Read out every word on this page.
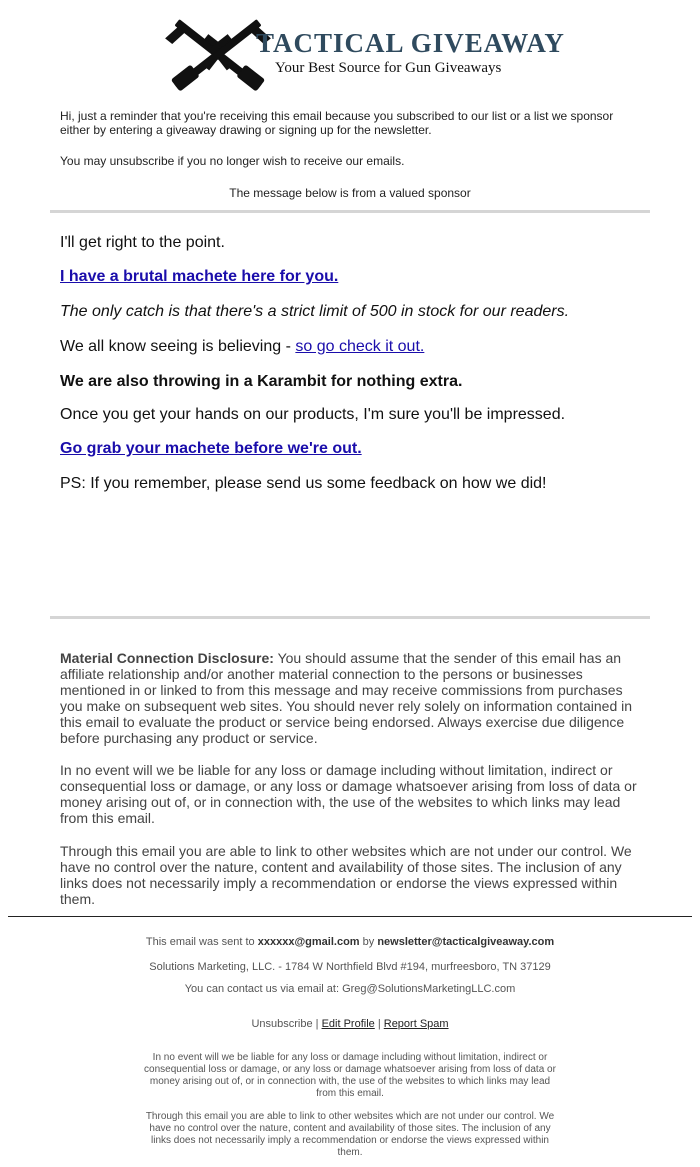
TACTICAL GIVEAWAY
Your Best Source for Gun Giveaways

Hi, just a reminder that you're receiving this email because you subscribed to our list or a list we sponsor either by entering a giveaway drawing or signing up for the newsletter.

You may unsubscribe if you no longer wish to receive our emails.

The message below is from a valued sponsor

I'll get right to the point.
I have a brutal machete here for you.
The only catch is that there's a strict limit of 500 in stock for our readers.
We all know seeing is believing - so go check it out.
We are also throwing in a Karambit for nothing extra.
Once you get your hands on our products, I'm sure you'll be impressed.
Go grab your machete before we're out.
PS: If you remember, please send us some feedback on how we did!
Material Connection Disclosure: You should assume that the sender of this email has an affiliate relationship and/or another material connection to the persons or businesses mentioned in or linked to from this message and may receive commissions from purchases you make on subsequent web sites. You should never rely solely on information contained in this email to evaluate the product or service being endorsed. Always exercise due diligence before purchasing any product or service.
In no event will we be liable for any loss or damage including without limitation, indirect or consequential loss or damage, or any loss or damage whatsoever arising from loss of data or money arising out of, or in connection with, the use of the websites to which links may lead from this email.
Through this email you are able to link to other websites which are not under our control. We have no control over the nature, content and availability of those sites. The inclusion of any links does not necessarily imply a recommendation or endorse the views expressed within them.
This email was sent to xxxxxx@gmail.com by newsletter@tacticalgiveaway.com
Solutions Marketing, LLC. - 1784 W Northfield Blvd #194, murfreesboro, TN 37129
You can contact us via email at: Greg@SolutionsMarketingLLC.com
Unsubscribe | Edit Profile | Report Spam
In no event will we be liable for any loss or damage including without limitation, indirect or consequential loss or damage, or any loss or damage whatsoever arising from loss of data or money arising out of, or in connection with, the use of the websites to which links may lead from this email.
Through this email you are able to link to other websites which are not under our control. We have no control over the nature, content and availability of those sites. The inclusion of any links does not necessarily imply a recommendation or endorse the views expressed within them.
